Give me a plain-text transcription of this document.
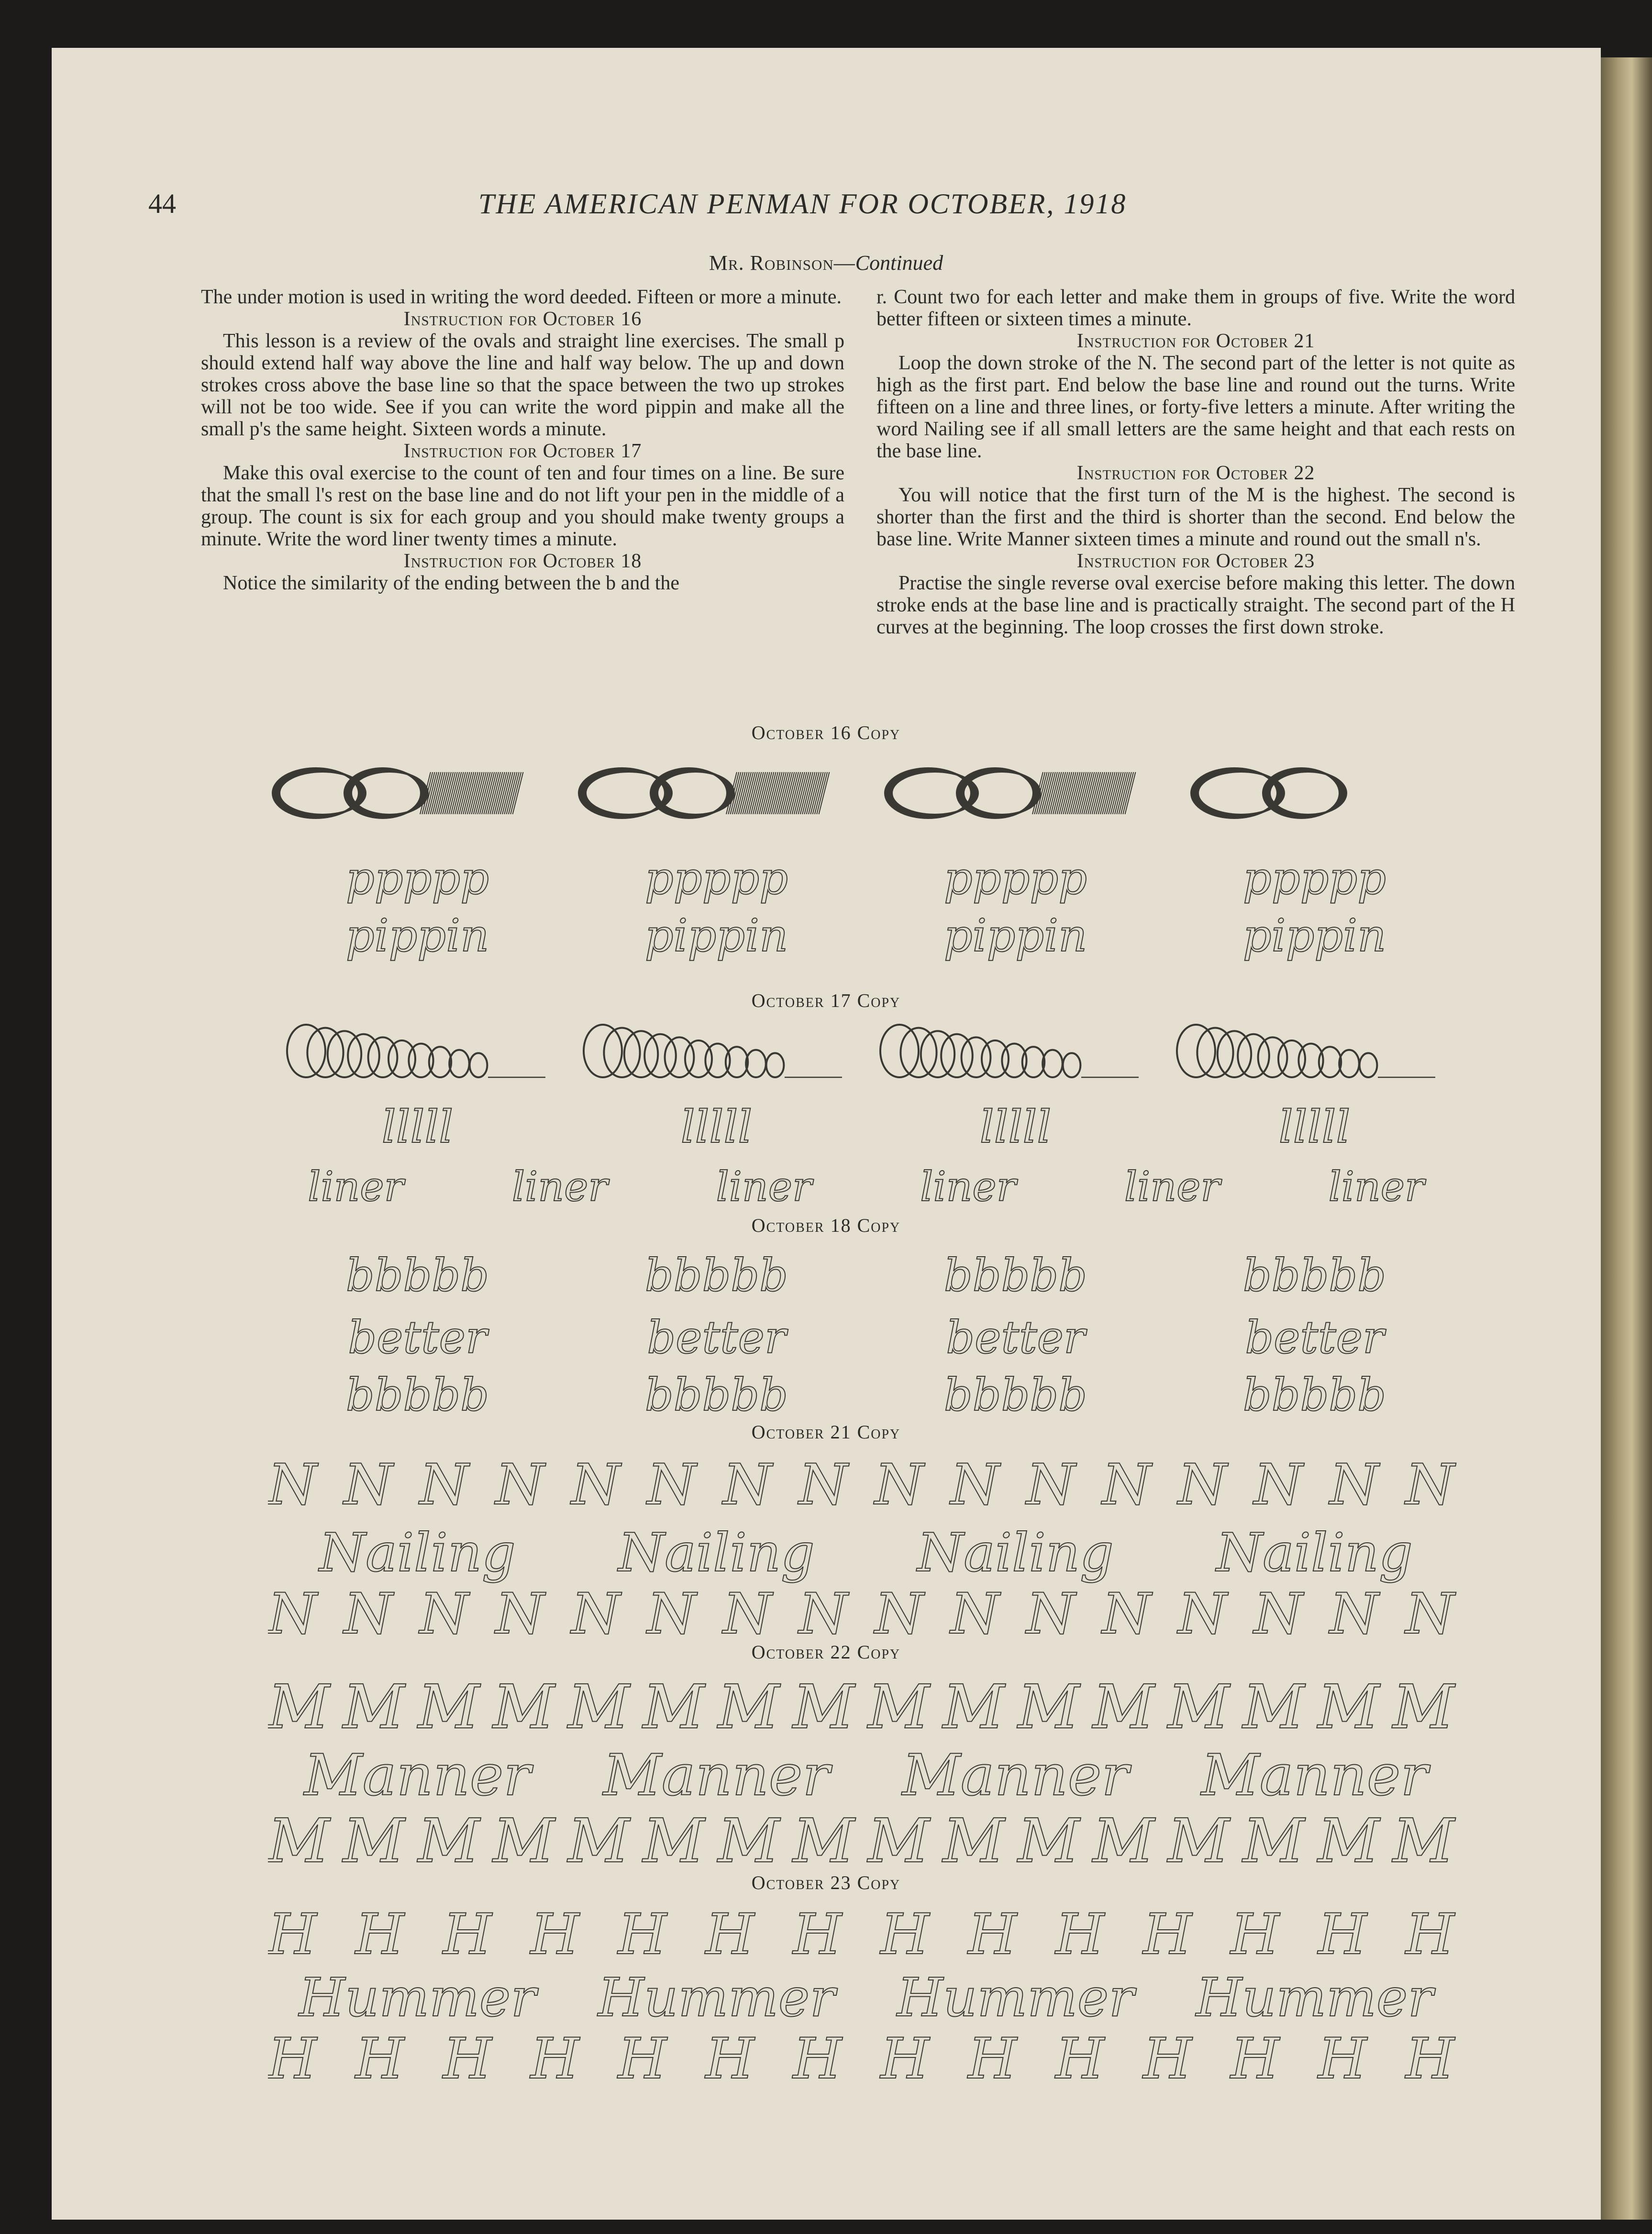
44	THE AMERICAN PENMAN FOR OCTOBER, 1918
Mr. Robinson—Continued

The under motion is used in writing the word deeded. Fifteen or more a minute.

Instruction for October 16

This lesson is a review of the ovals and straight line exercises. The small p should extend half way above the line and half way below. The up and down strokes cross above the base line so that the space between the two up strokes will not be too wide. See if you can write the word pippin and make all the small p's the same height. Sixteen words a minute.

Instruction for October 17

Make this oval exercise to the count of ten and four times on a line. Be sure that the small l's rest on the base line and do not lift your pen in the middle of a group. The count is six for each group and you should make twenty groups a minute. Write the word liner twenty times a minute.

Instruction for October 18

Notice the similarity of the ending between the b and the

r. Count two for each letter and make them in groups of five. Write the word better fifteen or sixteen times a minute.

Instruction for October 21

Loop the down stroke of the N. The second part of the letter is not quite as high as the first part. End below the base line and round out the turns. Write fifteen on a line and three lines, or forty-five letters a minute. After writing the word Nailing see if all small letters are the same height and that each rests on the base line.

Instruction for October 22

You will notice that the first turn of the M is the highest. The second is shorter than the first and the third is shorter than the second. End below the base line. Write Manner sixteen times a minute and round out the small n's.

Instruction for October 23

Practise the single reverse oval exercise before making this letter. The down stroke ends at the base line and is practically straight. The second part of the H curves at the beginning. The loop crosses the first down stroke.

October 16 Copy
ppppp	ppppp	ppppp	ppppp
pippin	pippin	pippin	pippin
October 17 Copy
lllll	lllll	lllll	lllll
liner	liner	liner	liner	liner	liner
October 18 Copy
bbbbb	bbbbb	bbbbb	bbbbb
better	better	better	better
bbbbb	bbbbb	bbbbb	bbbbb
October 21 Copy
N N N N N N N N N N N N N N N N
Nailing Nailing Nailing Nailing
N N N N N N N N N N N N N N N N
October 22 Copy
M M M M M M M M M M M M M M M M
Manner Manner Manner Manner
M M M M M M M M M M M M M M M M
October 23 Copy
H H H H H H H H H H H H H H
Hummer Hummer Hummer Hummer
H H H H H H H H H H H H H H
